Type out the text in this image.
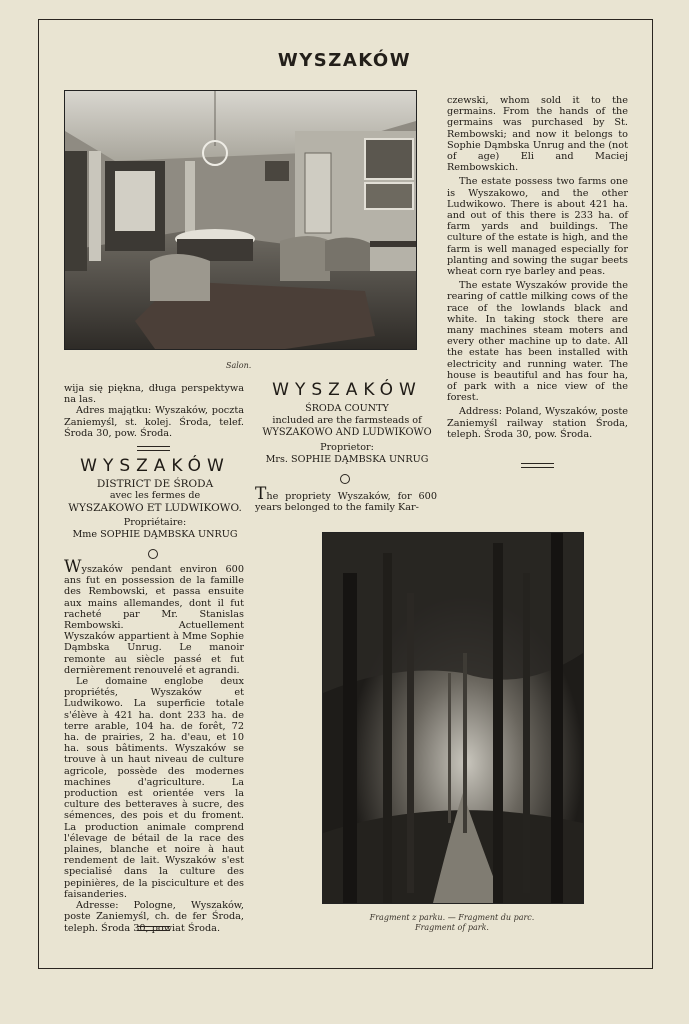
WYSZAKÓW
Salon.
Fragment z parku. — Fragment du parc.
Fragment of park.

wija się piękna, długa perspektywa na las.

Adres majątku: Wyszaków, poczta Zaniemyśl, st. kolej. Środa, telef. Środa 30, pow. Środa.

WYSZAKÓW
DISTRICT DE ŚRODA
avec les fermes de
WYSZAKOWO ET LUDWIKOWO.
Propriétaire:
Mme SOPHIE DĄMBSKA UNRUG

Wyszaków pendant environ 600 ans fut en possession de la famille des Rembowski, et passa ensuite aux mains allemandes, dont il fut racheté par Mr. Stanislas Rembowski. Actuellement Wyszaków appartient à Mme Sophie Dąmbska Unrug. Le manoir remonte au siècle passé et fut dernièrement renouvelé et agrandi.

Le domaine englobe deux propriétés, Wyszaków et Ludwikowo. La superficie totale s'élève à 421 ha. dont 233 ha. de terre arable, 104 ha. de forêt, 72 ha. de prairies, 2 ha. d'eau, et 10 ha. sous bâtiments. Wyszaków se trouve à un haut niveau de culture agricole, possède des modernes machines d'agriculture. La production est orientée vers la culture des betteraves à sucre, des sémences, des pois et du froment. La production animale comprend l'élevage de bétail de la race des plaines, blanche et noire à haut rendement de lait. Wyszaków s'est specialisé dans la culture des pepinières, de la pisciculture et des faisanderies.

Adresse: Pologne, Wyszaków, poste Zaniemyśl, ch. de fer Środa, teleph. Środa 30, powiat Środa.

WYSZAKÓW
ŚRODA COUNTY
included are the farmsteads of
WYSZAKOWO AND LUDWIKOWO
Proprietor:
Mrs. SOPHIE DĄMBSKA UNRUG

The propriety Wyszaków, for 600 years belonged to the family Kar-

czewski, whom sold it to the germains. From the hands of the germains was purchased by St. Rembowski; and now it belongs to Sophie Dąmbska Unrug and the (not of age) Eli and Maciej Rembowskich.

The estate possess two farms one is Wyszakowo, and the other Ludwikowo. There is about 421 ha. and out of this there is 233 ha. of farm yards and buildings. The culture of the estate is high, and the farm is well managed especially for planting and sowing the sugar beets wheat corn rye barley and peas.

The estate Wyszaków provide the rearing of cattle milking cows of the race of the lowlands black and white. In taking stock there are many machines steam moters and every other machine up to date. All the estate has been installed with electricity and running water. The house is beautiful and has four ha, of park with a nice view of the forest.

Address: Poland, Wyszaków, poste Zaniemyśl railway station Środa, teleph. Środa 30, pow. Środa.
